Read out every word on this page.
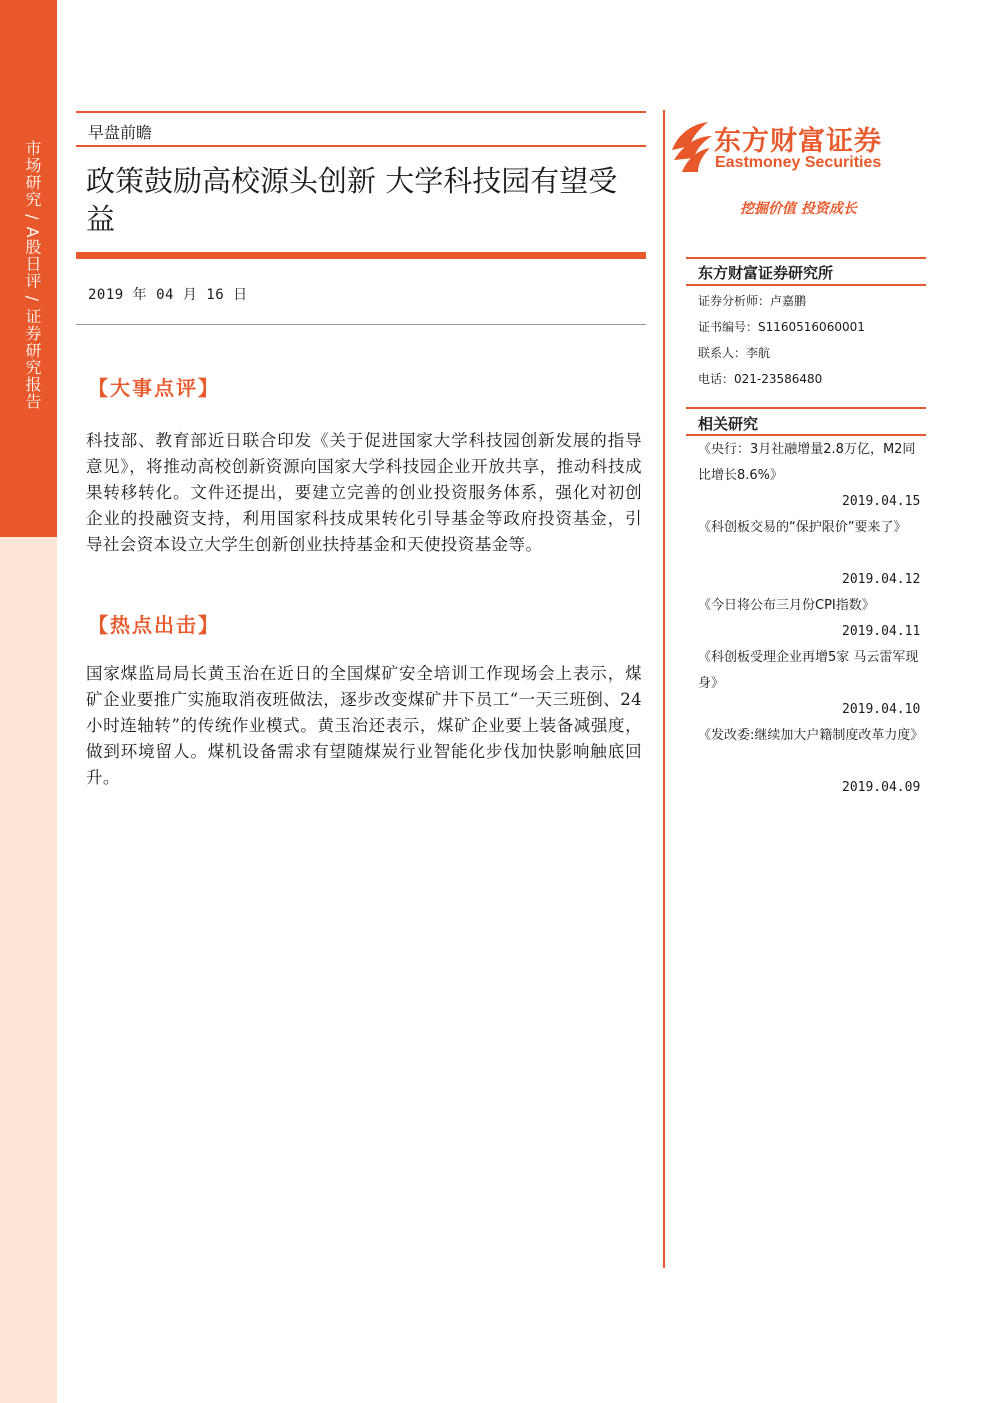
市场研究 / A股日评 / 证券研究报告
早盘前瞻
政策鼓励高校源头创新 大学科技园有望受益
2019 年 04 月 16 日
【大事点评】
科技部、教育部近日联合印发《关于促进国家大学科技园创新发展的指导意见》，将推动高校创新资源向国家大学科技园企业开放共享，推动科技成果转移转化。文件还提出，要建立完善的创业投资服务体系，强化对初创企业的投融资支持，利用国家科技成果转化引导基金等政府投资基金，引导社会资本设立大学生创新创业扶持基金和天使投资基金等。
【热点出击】
国家煤监局局长黄玉治在近日的全国煤矿安全培训工作现场会上表示，煤矿企业要推广实施取消夜班做法，逐步改变煤矿井下员工“一天三班倒、24小时连轴转”的传统作业模式。黄玉治还表示，煤矿企业要上装备减强度，做到环境留人。煤机设备需求有望随煤炭行业智能化步伐加快影响触底回升。
东方财富证券
Eastmoney Securities
挖掘价值 投资成长
东方财富证券研究所
证券分析师：卢嘉鹏
证书编号：S1160516060001
联系人：李航
电话：021-23586480
相关研究
《央行：3月社融增量2.8万亿，M2同比增长8.6%》
2019.04.15
《科创板交易的“保护限价”要来了》
2019.04.12
《今日将公布三月份CPI指数》
2019.04.11
《科创板受理企业再增5家 马云雷军现身》
2019.04.10
《发改委:继续加大户籍制度改革力度》
2019.04.09
